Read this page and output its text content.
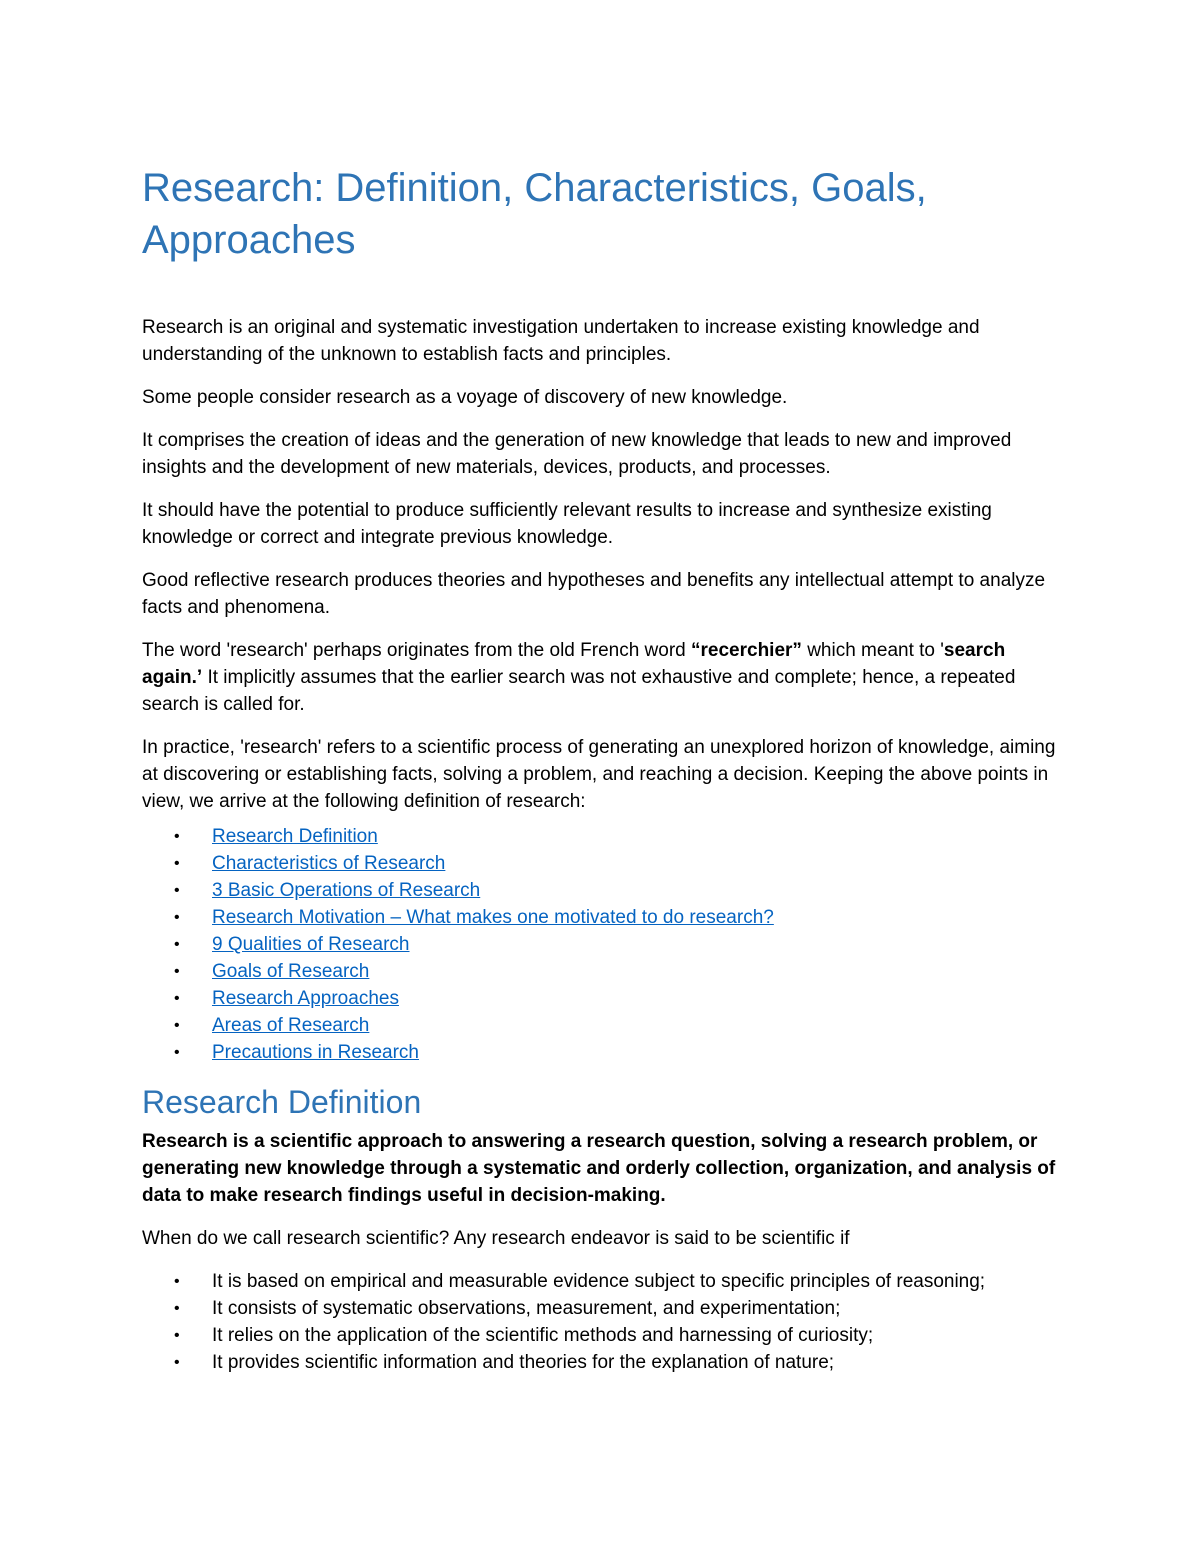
Research: Definition, Characteristics, Goals, Approaches

Research is an original and systematic investigation undertaken to increase existing knowledge and understanding of the unknown to establish facts and principles.

Some people consider research as a voyage of discovery of new knowledge.

It comprises the creation of ideas and the generation of new knowledge that leads to new and improved insights and the development of new materials, devices, products, and processes.

It should have the potential to produce sufficiently relevant results to increase and synthesize existing knowledge or correct and integrate previous knowledge.

Good reflective research produces theories and hypotheses and benefits any intellectual attempt to analyze facts and phenomena.

The word 'research' perhaps originates from the old French word “recerchier” which meant to 'search again.’ It implicitly assumes that the earlier search was not exhaustive and complete; hence, a repeated search is called for.

In practice, 'research' refers to a scientific process of generating an unexplored horizon of knowledge, aiming at discovering or establishing facts, solving a problem, and reaching a decision. Keeping the above points in view, we arrive at the following definition of research:

• Research Definition
• Characteristics of Research
• 3 Basic Operations of Research
• Research Motivation – What makes one motivated to do research?
• 9 Qualities of Research
• Goals of Research
• Research Approaches
• Areas of Research
• Precautions in Research
Research Definition

Research is a scientific approach to answering a research question, solving a research problem, or generating new knowledge through a systematic and orderly collection, organization, and analysis of data to make research findings useful in decision-making.

When do we call research scientific? Any research endeavor is said to be scientific if

• It is based on empirical and measurable evidence subject to specific principles of reasoning;
• It consists of systematic observations, measurement, and experimentation;
• It relies on the application of the scientific methods and harnessing of curiosity;
• It provides scientific information and theories for the explanation of nature;
